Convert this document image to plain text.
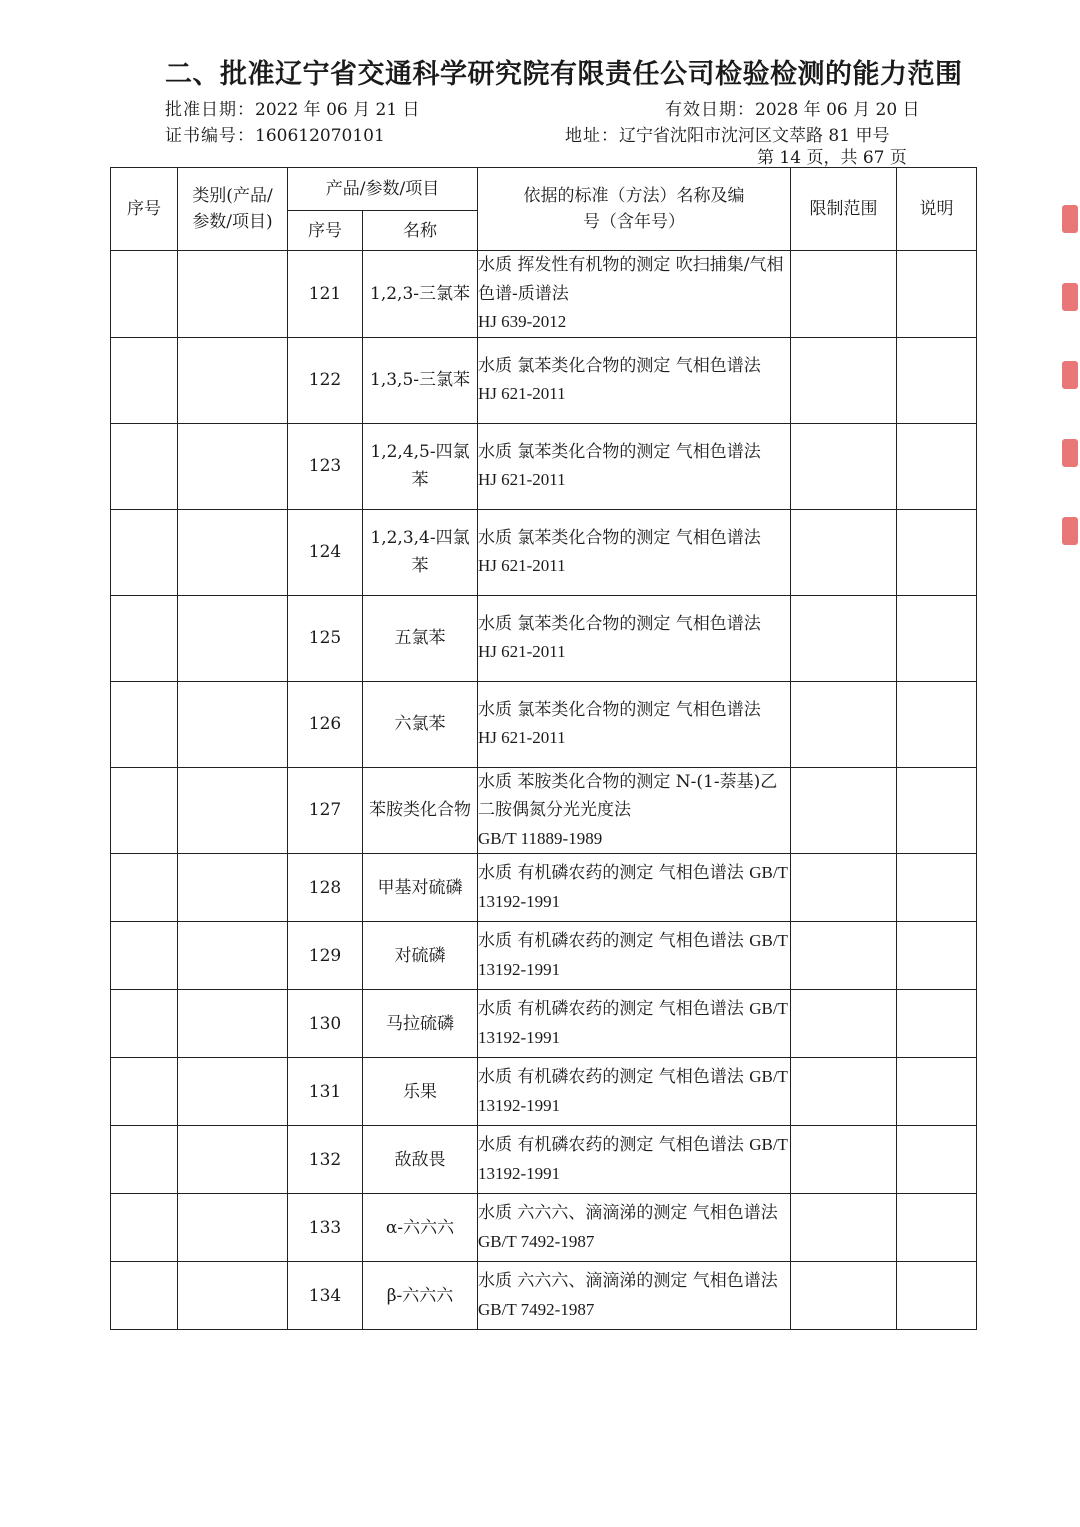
二、批准辽宁省交通科学研究院有限责任公司检验检测的能力范围
批准日期：2022 年 06 月 21 日	有效日期：2028 年 06 月 20 日
证书编号：160612070101	地址：辽宁省沈阳市沈河区文萃路 81 甲号
第 14 页，共 67 页
序号	类别(产品/参数/项目)	产品/参数/项目		依据的标准（方法）名称及编号（含年号）	限制范围	说明
		序号	名称			
		121	1,2,3-三氯苯	水质 挥发性有机物的测定 吹扫捕集/气相色谱-质谱法
HJ 639-2012		

		122	1,3,5-三氯苯	水质 氯苯类化合物的测定 气相色谱法
HJ 621-2011		

		123	1,2,4,5-四氯苯	水质 氯苯类化合物的测定 气相色谱法
HJ 621-2011		

		124	1,2,3,4-四氯苯	水质 氯苯类化合物的测定 气相色谱法
HJ 621-2011		

		125	五氯苯	水质 氯苯类化合物的测定 气相色谱法
HJ 621-2011		

		126	六氯苯	水质 氯苯类化合物的测定 气相色谱法
HJ 621-2011		

		127	苯胺类化合物	水质 苯胺类化合物的测定 N-(1-萘基)乙二胺偶氮分光光度法
GB/T 11889-1989		

		128	甲基对硫磷	水质 有机磷农药的测定 气相色谱法 GB/T 13192-1991		
		129	对硫磷	水质 有机磷农药的测定 气相色谱法 GB/T 13192-1991		
		130	马拉硫磷	水质 有机磷农药的测定 气相色谱法 GB/T 13192-1991		
		131	乐果	水质 有机磷农药的测定 气相色谱法 GB/T 13192-1991		
		132	敌敌畏	水质 有机磷农药的测定 气相色谱法 GB/T 13192-1991		
		133	α-六六六	水质 六六六、滴滴涕的测定 气相色谱法 GB/T 7492-1987		
		134	β-六六六	水质 六六六、滴滴涕的测定 气相色谱法 GB/T 7492-1987		
